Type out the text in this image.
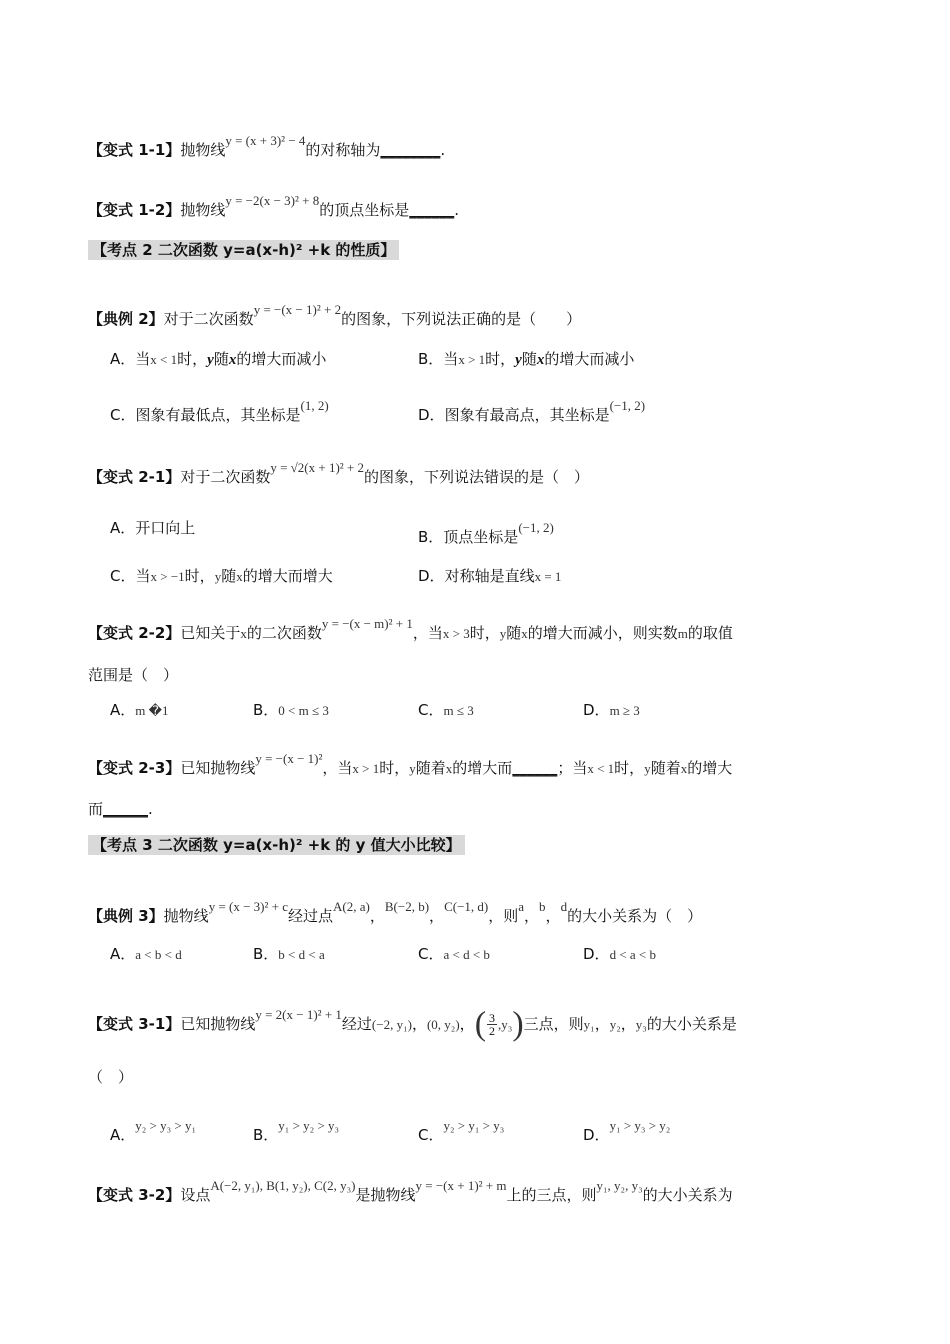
【变式 1-1】抛物线y = (x + 3)² − 4的对称轴为________.
【变式 1-2】抛物线y = −2(x − 3)² + 8的顶点坐标是______.
【考点 2 二次函数 y=a(x-h)² +k 的性质】
【典例 2】对于二次函数y = −(x − 1)² + 2的图象，下列说法正确的是（　　）
A．当x < 1时，y随x的增大而减小	B．当x > 1时，y随x的增大而减小
C．图象有最低点，其坐标是(1, 2)
D．图象有最高点，其坐标是(−1, 2)
【变式 2-1】对于二次函数y = √2(x + 1)² + 2的图象，下列说法错误的是（　）
A．开口向上	B．顶点坐标是(−1, 2)
C．当x > −1时，y随x的增大而增大	D．对称轴是直线x = 1
【变式 2-2】已知关于x的二次函数y = −(x − m)² + 1，当x > 3时，y随x的增大而减小，则实数m的取值
范围是（　）
A．m �1	B．0 < m ≤ 3	C．m ≤ 3	D．m ≥ 3
【变式 2-3】已知抛物线y = −(x − 1)²，当x > 1时，y随着x的增大而______；当x < 1时，y随着x的增大
而______.
【考点 3 二次函数 y=a(x-h)² +k 的 y 值大小比较】
【典例 3】抛物线y = (x − 3)² + c经过点A(2, a)，B(−2, b)，C(−1, d)，则a，b，d的大小关系为（　）
A．a < b < d	B．b < d < a	C．a < d < b	D．d < a < b
【变式 3-1】已知抛物线y = 2(x − 1)² + 1经过(−2, y₁)，(0, y₂)，( $\frac{3}{2} ,y_3$)三点，则y₁，y₂，y₃的大小关系是
（　）
A．y₂ > y₃ > y₁
B．y₁ > y₂ > y₃
C．y₂ > y₁ > y₃
D．y₁ > y₃ > y₂
【变式 3-2】设点A(−2, y₁), B(1, y₂), C(2, y₃)是抛物线y = −(x + 1)² + m上的三点，则y₁, y₂, y₃的大小关系为
